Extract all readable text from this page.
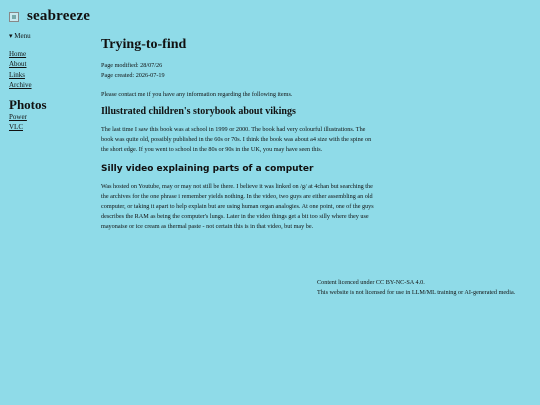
seabreeze
▾ Menu
Home
About
Links
Archive
Photos
Power
VLC
Trying-to-find

Page modified: 28/07/26

Page created: 2026-07-19

Please contact me if you have any information regarding the following items.

Illustrated children's storybook about vikings

The last time I saw this book was at school in 1999 or 2000. The book had very colourful illustrations. The book was quite old, possibly published in the 60s or 70s. I think the book was about a4 size with the spine on the short edge. If you went to school in the 80s or 90s in the UK, you may have seen this.

Silly video explaining parts of a computer

Was hosted on Youtube, may or may not still be there. I believe it was linked on /g/ at 4chan but searching the the archives for the one phrase i remember yields nothing. In the video, two guys are either assembling an old computer, or taking it apart to help explain but are using human organ analogies. At one point, one of the guys describes the RAM as being the computer's lungs. Later in the video things get a bit too silly where they use mayonaise or ice cream as thermal paste - not certain this is in that video, but may be.

Content licenced under CC BY-NC-SA 4.0.

This website is not licensed for use in LLM/ML training or AI-generated media.
